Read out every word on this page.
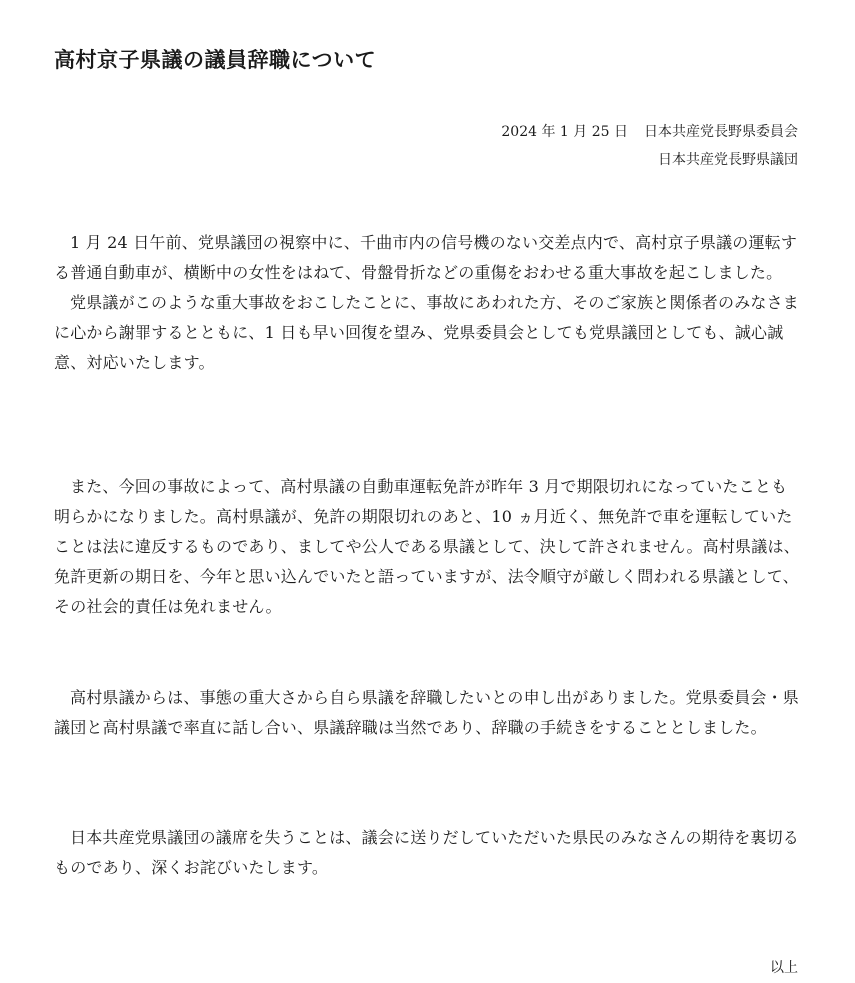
高村京子県議の議員辞職について
2024 年 1 月 25 日 日本共産党長野県委員会
日本共産党長野県議団

1 月 24 日午前、党県議団の視察中に、千曲市内の信号機のない交差点内で、高村京子県議の運転する普通自動車が、横断中の女性をはねて、骨盤骨折などの重傷をおわせる重大事故を起こしました。

党県議がこのような重大事故をおこしたことに、事故にあわれた方、そのご家族と関係者のみなさまに心から謝罪するとともに、1 日も早い回復を望み、党県委員会としても党県議団としても、誠心誠意、対応いたします。

また、今回の事故によって、高村県議の自動車運転免許が昨年 3 月で期限切れになっていたことも明らかになりました。高村県議が、免許の期限切れのあと、10 ヵ月近く、無免許で車を運転していたことは法に違反するものであり、ましてや公人である県議として、決して許されません。高村県議は、免許更新の期日を、今年と思い込んでいたと語っていますが、法令順守が厳しく問われる県議として、その社会的責任は免れません。

高村県議からは、事態の重大さから自ら県議を辞職したいとの申し出がありました。党県委員会・県議団と高村県議で率直に話し合い、県議辞職は当然であり、辞職の手続きをすることとしました。

日本共産党県議団の議席を失うことは、議会に送りだしていただいた県民のみなさんの期待を裏切るものであり、深くお詫びいたします。

以上
